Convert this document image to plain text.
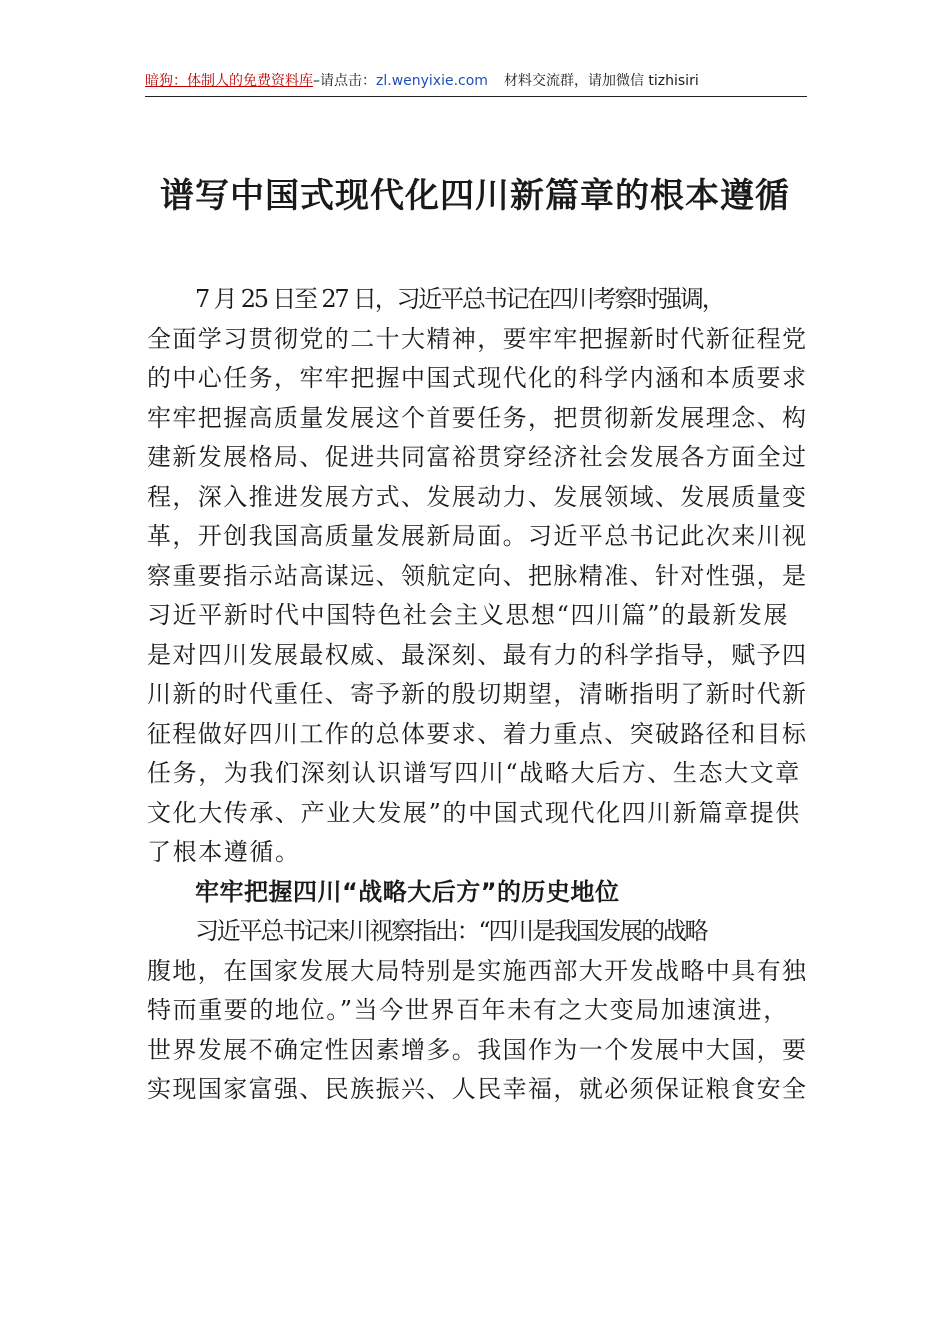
暗狗：体制人的免费资料库–请点击：zl.wenyixie.com 材料交流群，请加微信 tizhisiri
谱写中国式现代化四川新篇章的根本遵循

7 月 25 日至 27 日，习近平总书记在四川考察时强调，
全面学习贯彻党的二十大精神，要牢牢把握新时代新征程党
的中心任务，牢牢把握中国式现代化的科学内涵和本质要求
牢牢把握高质量发展这个首要任务，把贯彻新发展理念、构
建新发展格局、促进共同富裕贯穿经济社会发展各方面全过
程，深入推进发展方式、发展动力、发展领域、发展质量变
革，开创我国高质量发展新局面。习近平总书记此次来川视
察重要指示站高谋远、领航定向、把脉精准、针对性强，是
习近平新时代中国特色社会主义思想“四川篇”的最新发展
是对四川发展最权威、最深刻、最有力的科学指导，赋予四
川新的时代重任、寄予新的殷切期望，清晰指明了新时代新
征程做好四川工作的总体要求、着力重点、突破路径和目标
任务，为我们深刻认识谱写四川“战略大后方、生态大文章
文化大传承、产业大发展”的中国式现代化四川新篇章提供
了根本遵循。

牢牢把握四川“战略大后方”的历史地位

习近平总书记来川视察指出：“四川是我国发展的战略
腹地，在国家发展大局特别是实施西部大开发战略中具有独
特而重要的地位。”当今世界百年未有之大变局加速演进，
世界发展不确定性因素增多。我国作为一个发展中大国，要
实现国家富强、民族振兴、人民幸福，就必须保证粮食安全
